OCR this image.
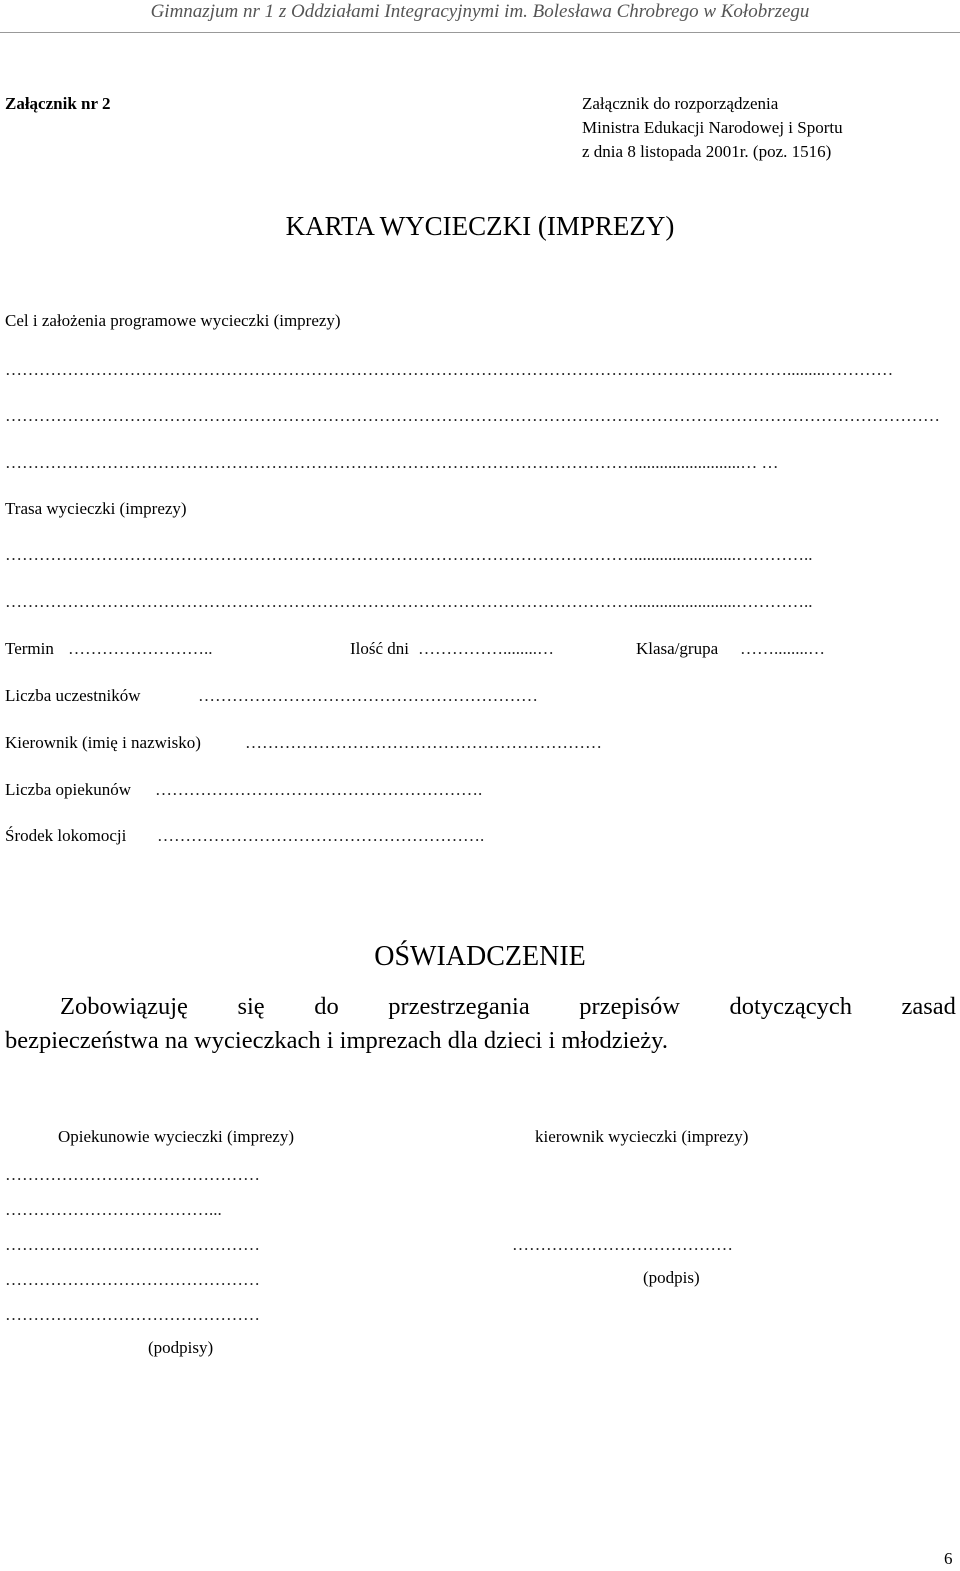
Gimnazjum nr 1 z Oddziałami Integracyjnymi im. Bolesława Chrobrego w Kołobrzegu
Załącznik nr 2	Załącznik do rozporządzenia
Ministra Edukacji Narodowej i Sportu
z dnia 8 listopada 2001r. (poz. 1516)
KARTA WYCIECZKI (IMPREZY)
Cel i założenia programowe wycieczki (imprezy)
………………………………………………………………………………………………………………………….........…………
…………………………………………………………………………………………………………………………………………………
………………………………………………………………………………………………….........................… …
Trasa wycieczki (imprezy)
…………………………………………………………………………………………………........................…………..
…………………………………………………………………………………………………........................…………..
Termin ……………………..	Ilość dni ……………........…	Klasa/grupa ……........…
Liczba uczestników	……………………………………………………
Kierownik (imię i nazwisko)	………………………………………………………
Liczba opiekunów ………………………………………………….
Środek lokomocji ………………………………………………….
OŚWIADCZENIE
Zobowiązuję się do przestrzegania przepisów dotyczących zasad
bezpieczeństwa na wycieczkach i imprezach dla dzieci i młodzieży.
Opiekunowie wycieczki (imprezy)	kierownik wycieczki (imprezy)
………………………………………
………………………………...
………………………………………
………………………………………
………………………………………
(podpisy)
…………………………………
(podpis)
6
